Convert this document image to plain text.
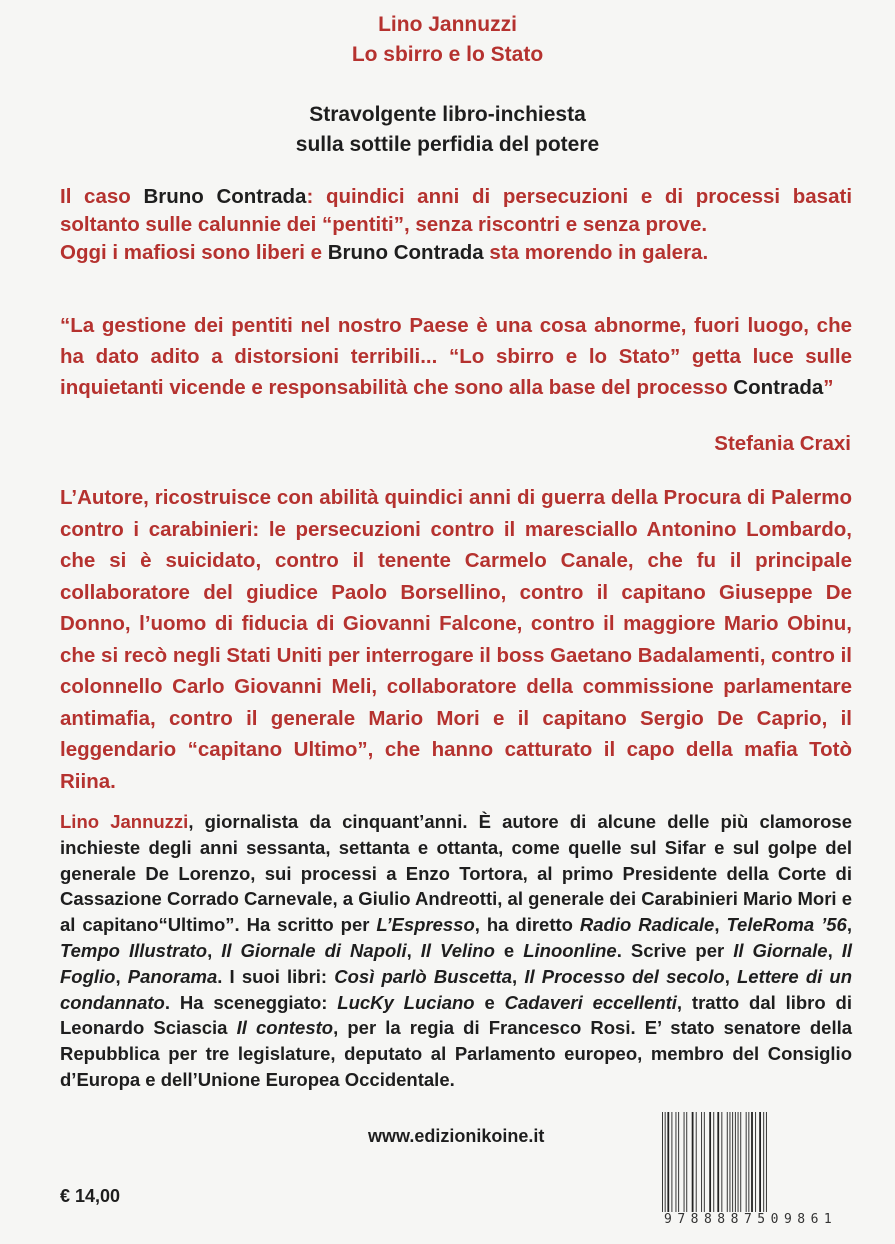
Lino Jannuzzi
Lo sbirro e lo Stato
Stravolgente libro-inchiesta
sulla sottile perfidia del potere
Il caso Bruno Contrada: quindici anni di persecuzioni e di processi basati soltanto sulle calunnie dei “pentiti”, senza riscontri e senza prove.
Oggi i mafiosi sono liberi e Bruno Contrada sta morendo in galera.
“La gestione dei pentiti nel nostro Paese è una cosa abnorme, fuori luogo, che ha dato adito a distorsioni terribili... “Lo sbirro e lo Stato” getta luce sulle inquietanti vicende e responsabilità che sono alla base del processo Contrada”
Stefania Craxi
L’Autore, ricostruisce con abilità quindici anni di guerra della Procura di Palermo contro i carabinieri: le persecuzioni contro il maresciallo Antonino Lombardo, che si è suicidato, contro il tenente Carmelo Canale, che fu il principale collaboratore del giudice Paolo Borsellino, contro il capitano Giuseppe De Donno, l’uomo di fiducia di Giovanni Falcone, contro il maggiore Mario Obinu, che si recò negli Stati Uniti per interrogare il boss Gaetano Badalamenti, contro il colonnello Carlo Giovanni Meli, collaboratore della commissione parlamentare antimafia, contro il generale Mario Mori e il capitano Sergio De Caprio, il leggendario “capitano Ultimo”, che hanno catturato il capo della mafia Totò Riina.
Lino Jannuzzi, giornalista da cinquant’anni. È autore di alcune delle più clamorose inchieste degli anni sessanta, settanta e ottanta, come quelle sul Sifar e sul golpe del generale De Lorenzo, sui processi a Enzo Tortora, al primo Presidente della Corte di Cassazione Corrado Carnevale, a Giulio Andreotti, al generale dei Carabinieri Mario Mori e al capitano“Ultimo”. Ha scritto per L’Espresso, ha diretto Radio Radicale, TeleRoma ’56, Tempo Illustrato, Il Giornale di Napoli, Il Velino e Linoonline. Scrive per Il Giornale, Il Foglio, Panorama. I suoi libri: Così parlò Buscetta, Il Processo del secolo, Lettere di un condannato. Ha sceneggiato: LucKy Luciano e Cadaveri eccellenti, tratto dal libro di Leonardo Sciascia Il contesto, per la regia di Francesco Rosi. E’ stato senatore della Repubblica per tre legislature, deputato al Parlamento europeo, membro del Consiglio d’Europa e dell’Unione Europea Occidentale.
www.edizionikoine.it
€ 14,00
9788887509861
